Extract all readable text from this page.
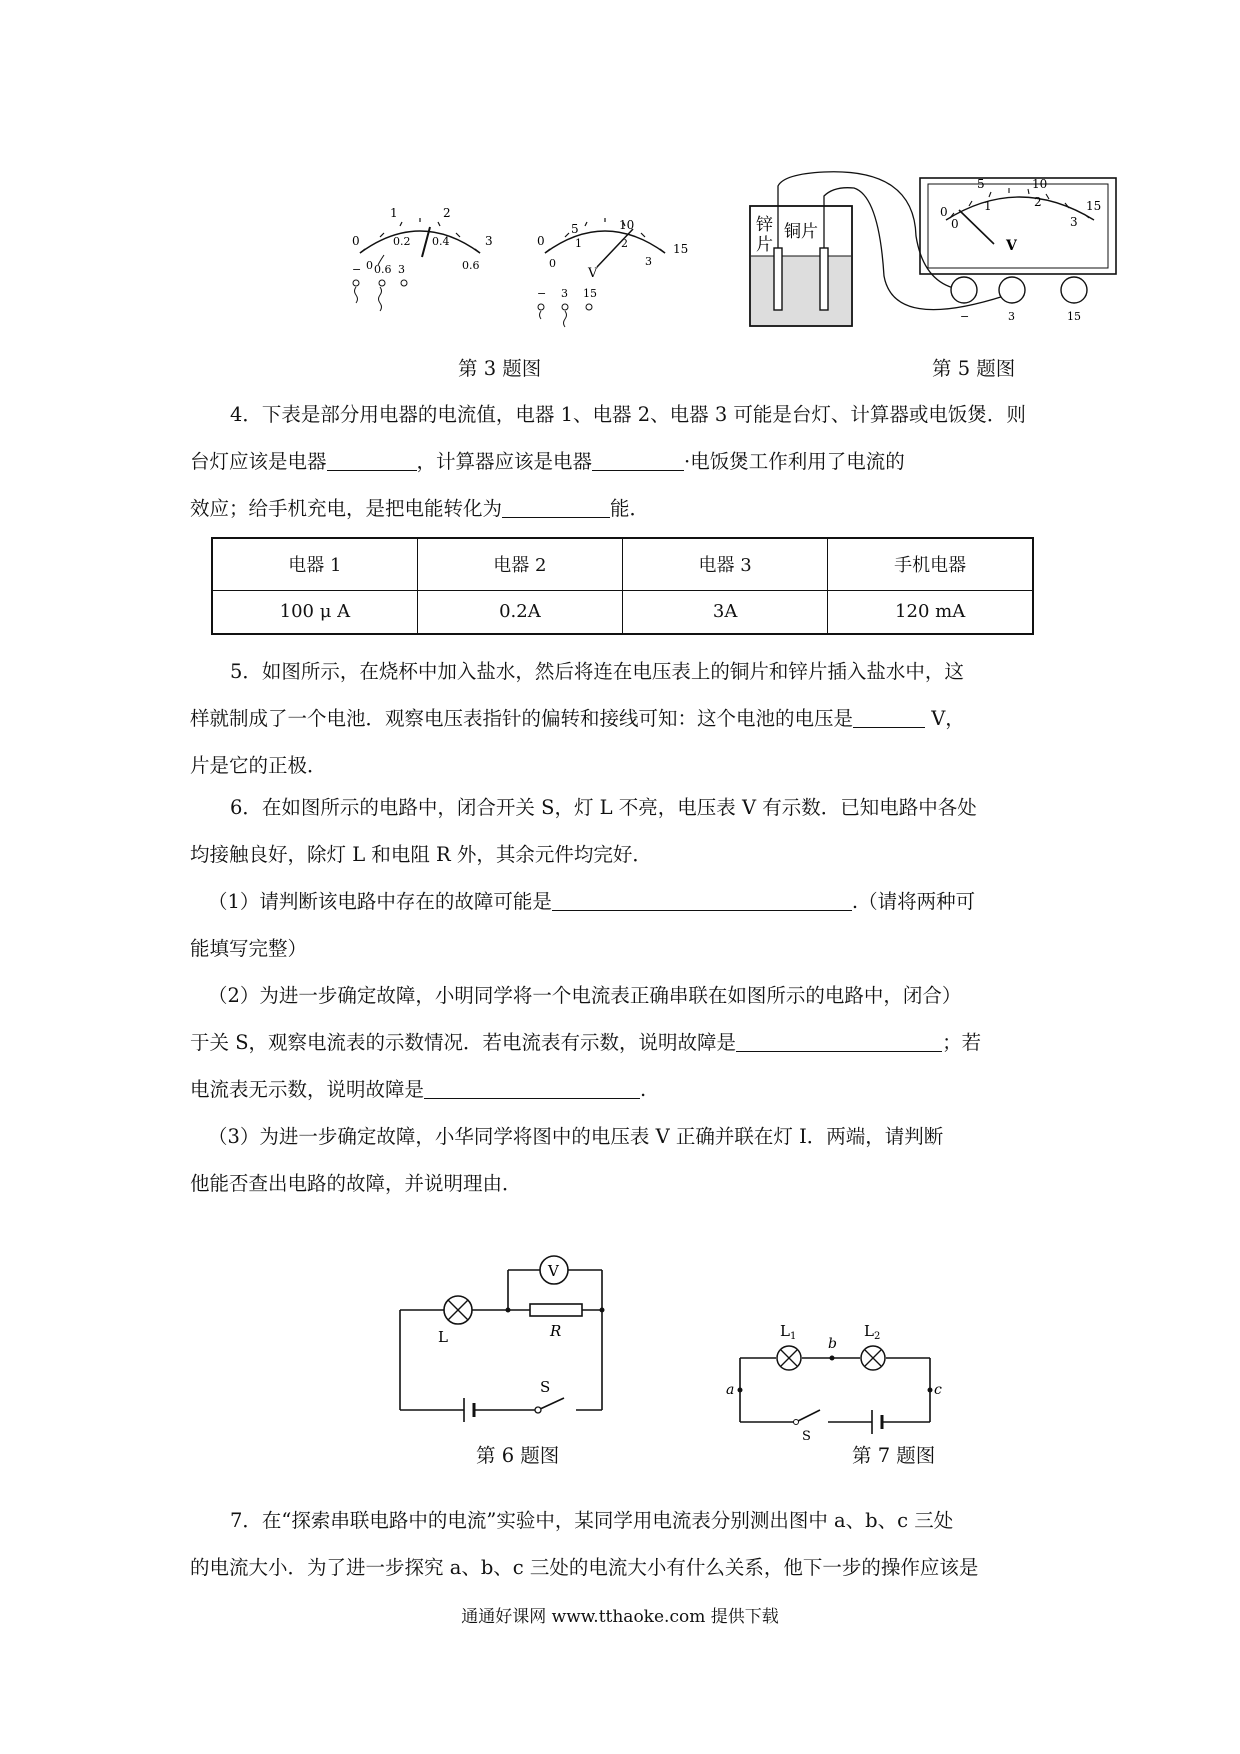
0
1	2
3
0
0.2 0.4
0.6
− 0.6 3
0
5	10
15
0
1	2
3
V
− 3 15
第 3 题图
锌
片
铜片
0
5	10
15
0
1	2
3
V
−	3	15
第 5 题图
4．下表是部分用电器的电流值，电器 1、电器 2、电器 3 可能是台灯、计算器或电饭煲．则
台灯应该是电器	，计算器应该是电器	·电饭煲工作利用了电流的
效应；给手机充电，是把电能转化为	能．
电器 1	电器 2	电器 3	手机电器
100 μ A	0.2A	3A	120 mA
5．如图所示，在烧杯中加入盐水，然后将连在电压表上的铜片和锌片插入盐水中，这
样就制成了一个电池．观察电压表指针的偏转和接线可知：这个电池的电压是	V，
片是它的正极．
6．在如图所示的电路中，闭合开关 S，灯 L 不亮，电压表 V 有示数．已知电路中各处
均接触良好，除灯 L 和电阻 R 外，其余元件均完好．
（1）请判断该电路中存在的故障可能是	.（请将两种可
能填写完整）
（2）为进一步确定故障，小明同学将一个电流表正确串联在如图所示的电路中，闭合）
于关 S，观察电流表的示数情况．若电流表有示数，说明故障是	；若
电流表无示数，说明故障是	.
（3）为进一步确定故障，小华同学将图中的电压表 V 正确并联在灯 I．两端，请判断
他能否查出电路的故障，并说明理由．
V
L	R
S
第 6 题图
$L_1$	$L_2$
b
a	c
S
第 7 题图
7．在“探索串联电路中的电流”实验中，某同学用电流表分别测出图中 a、b、c 三处
的电流大小．为了进一步探究 a、b、c 三处的电流大小有什么关系，他下一步的操作应该是
通通好课网 www.tthaoke.com 提供下载
